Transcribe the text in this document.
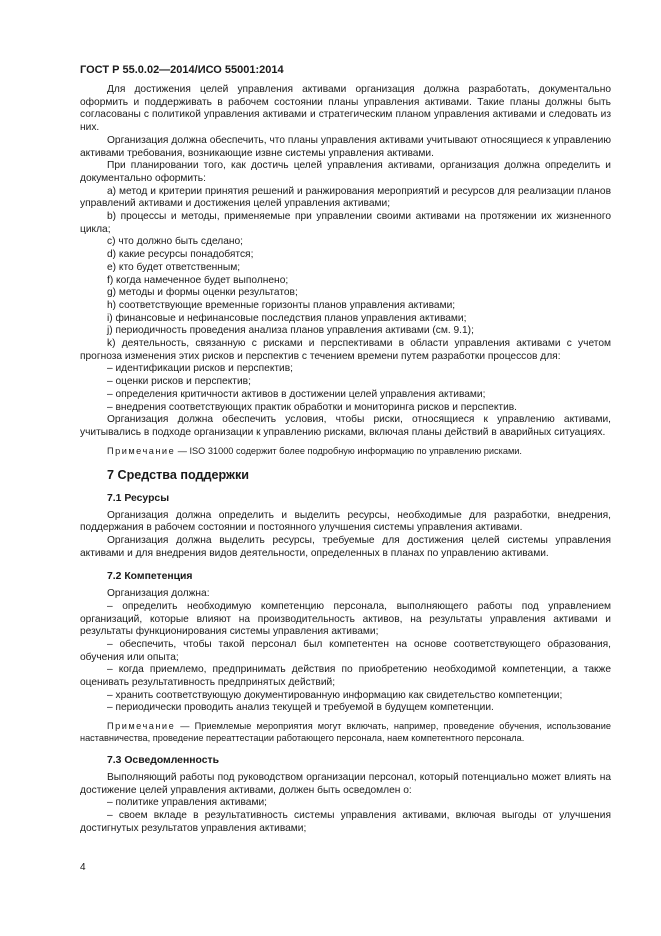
ГОСТ Р 55.0.02—2014/ИСО 55001:2014

Для достижения целей управления активами организация должна разработать, документально оформить и поддерживать в рабочем состоянии планы управления активами. Такие планы должны быть согласованы с политикой управления активами и стратегическим планом управления активами и следовать из них.

Организация должна обеспечить, что планы управления активами учитывают относящиеся к управлению активами требования, возникающие извне системы управления активами.

При планировании того, как достичь целей управления активами, организация должна определить и документально оформить:

a) метод и критерии принятия решений и ранжирования мероприятий и ресурсов для реализации планов управлений активами и достижения целей управления активами;

b) процессы и методы, применяемые при управлении своими активами на протяжении их жизненного цикла;

c) что должно быть сделано;

d) какие ресурсы понадобятся;

e) кто будет ответственным;

f) когда намеченное будет выполнено;

g) методы и формы оценки результатов;

h) соответствующие временные горизонты планов управления активами;

i) финансовые и нефинансовые последствия планов управления активами;

j) периодичность проведения анализа планов управления активами (см. 9.1);

k) деятельность, связанную с рисками и перспективами в области управления активами с учетом прогноза изменения этих рисков и перспектив с течением времени путем разработки процессов для:

– идентификации рисков и перспектив;

– оценки рисков и перспектив;

– определения критичности активов в достижении целей управления активами;

– внедрения соответствующих практик обработки и мониторинга рисков и перспектив.

Организация должна обеспечить условия, чтобы риски, относящиеся к управлению активами, учитывались в подходе организации к управлению рисками, включая планы действий в аварийных ситуациях.

Примечание — ISO 31000 содержит более подробную информацию по управлению рисками.

7 Средства поддержки

7.1 Ресурсы

Организация должна определить и выделить ресурсы, необходимые для разработки, внедрения, поддержания в рабочем состоянии и постоянного улучшения системы управления активами.

Организация должна выделить ресурсы, требуемые для достижения целей системы управления активами и для внедрения видов деятельности, определенных в планах по управлению активами.

7.2 Компетенция

Организация должна:

– определить необходимую компетенцию персонала, выполняющего работы под управлением организаций, которые влияют на производительность активов, на результаты управления активами и результаты функционирования системы управления активами;

– обеспечить, чтобы такой персонал был компетентен на основе соответствующего образования, обучения или опыта;

– когда приемлемо, предпринимать действия по приобретению необходимой компетенции, а также оценивать результативность предпринятых действий;

– хранить соответствующую документированную информацию как свидетельство компетенции;

– периодически проводить анализ текущей и требуемой в будущем компетенции.

Примечание — Приемлемые мероприятия могут включать, например, проведение обучения, использование наставничества, проведение переаттестации работающего персонала, наем компетентного персонала.

7.3 Осведомленность

Выполняющий работы под руководством организации персонал, который потенциально может влиять на достижение целей управления активами, должен быть осведомлен о:

– политике управления активами;

– своем вкладе в результативность системы управления активами, включая выгоды от улучшения достигнутых результатов управления активами;

4
